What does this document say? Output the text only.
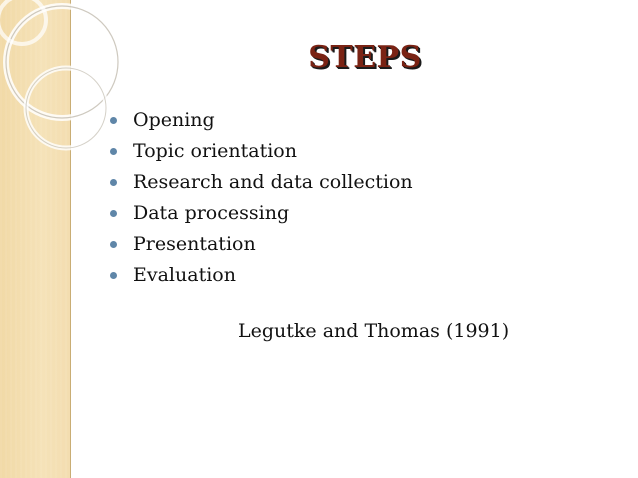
STEPS
Opening
Topic orientation
Research and data collection
Data processing
Presentation
Evaluation
Legutke and Thomas (1991)
